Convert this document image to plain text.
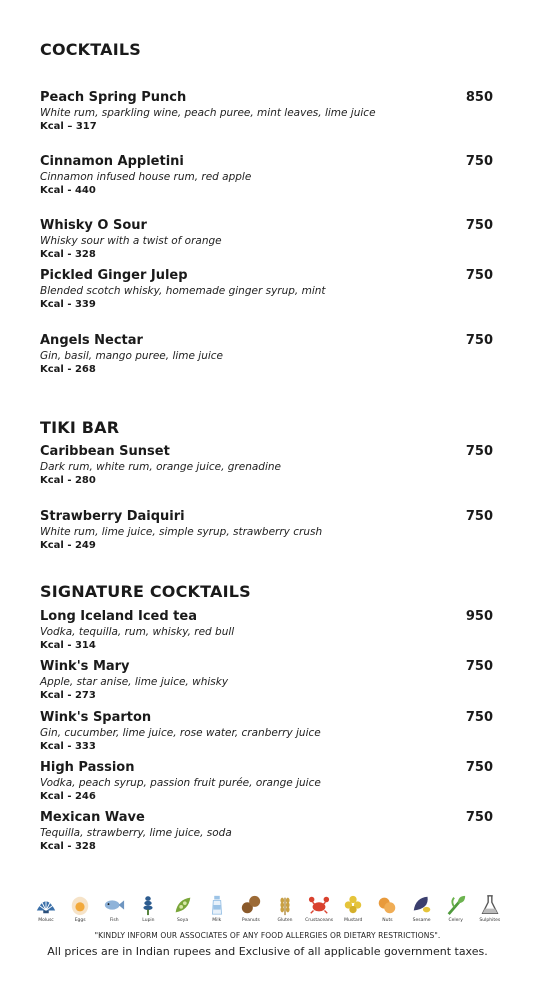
COCKTAILS
Peach Spring Punch	850
White rum, sparkling wine, peach puree, mint leaves, lime juice
Kcal – 317
Cinnamon Appletini	750
Cinnamon infused house rum, red apple
Kcal - 440
Whisky O Sour	750
Whisky sour with a twist of orange
Kcal - 328
Pickled Ginger Julep	750
Blended scotch whisky, homemade ginger syrup, mint
Kcal - 339
Angels Nectar	750
Gin, basil, mango puree, lime juice
Kcal - 268
TIKI BAR
Caribbean Sunset	750
Dark rum, white rum, orange juice, grenadine
Kcal - 280
Strawberry Daiquiri	750
White rum, lime juice, simple syrup, strawberry crush
Kcal - 249
SIGNATURE COCKTAILS
Long Iceland Iced tea	950
Vodka, tequilla, rum, whisky, red bull
Kcal - 314
Wink's Mary	750
Apple, star anise, lime juice, whisky
Kcal - 273
Wink's Sparton	750
Gin, cucumber, lime juice, rose water, cranberry juice
Kcal - 333
High Passion	750
Vodka, peach syrup, passion fruit purée, orange juice
Kcal - 246
Mexican Wave	750
Tequilla, strawberry, lime juice, soda
Kcal - 328
Molusc	Eggs	Fish	Lupin	Soya	Milk	Peanuts	Gluten	Crustaceans Mustard	Nuts	Sesame	Celery	Sulphites
"KINDLY INFORM OUR ASSOCIATES OF ANY FOOD ALLERGIES OR DIETARY RESTRICTIONS".
All prices are in Indian rupees and Exclusive of all applicable government taxes.
